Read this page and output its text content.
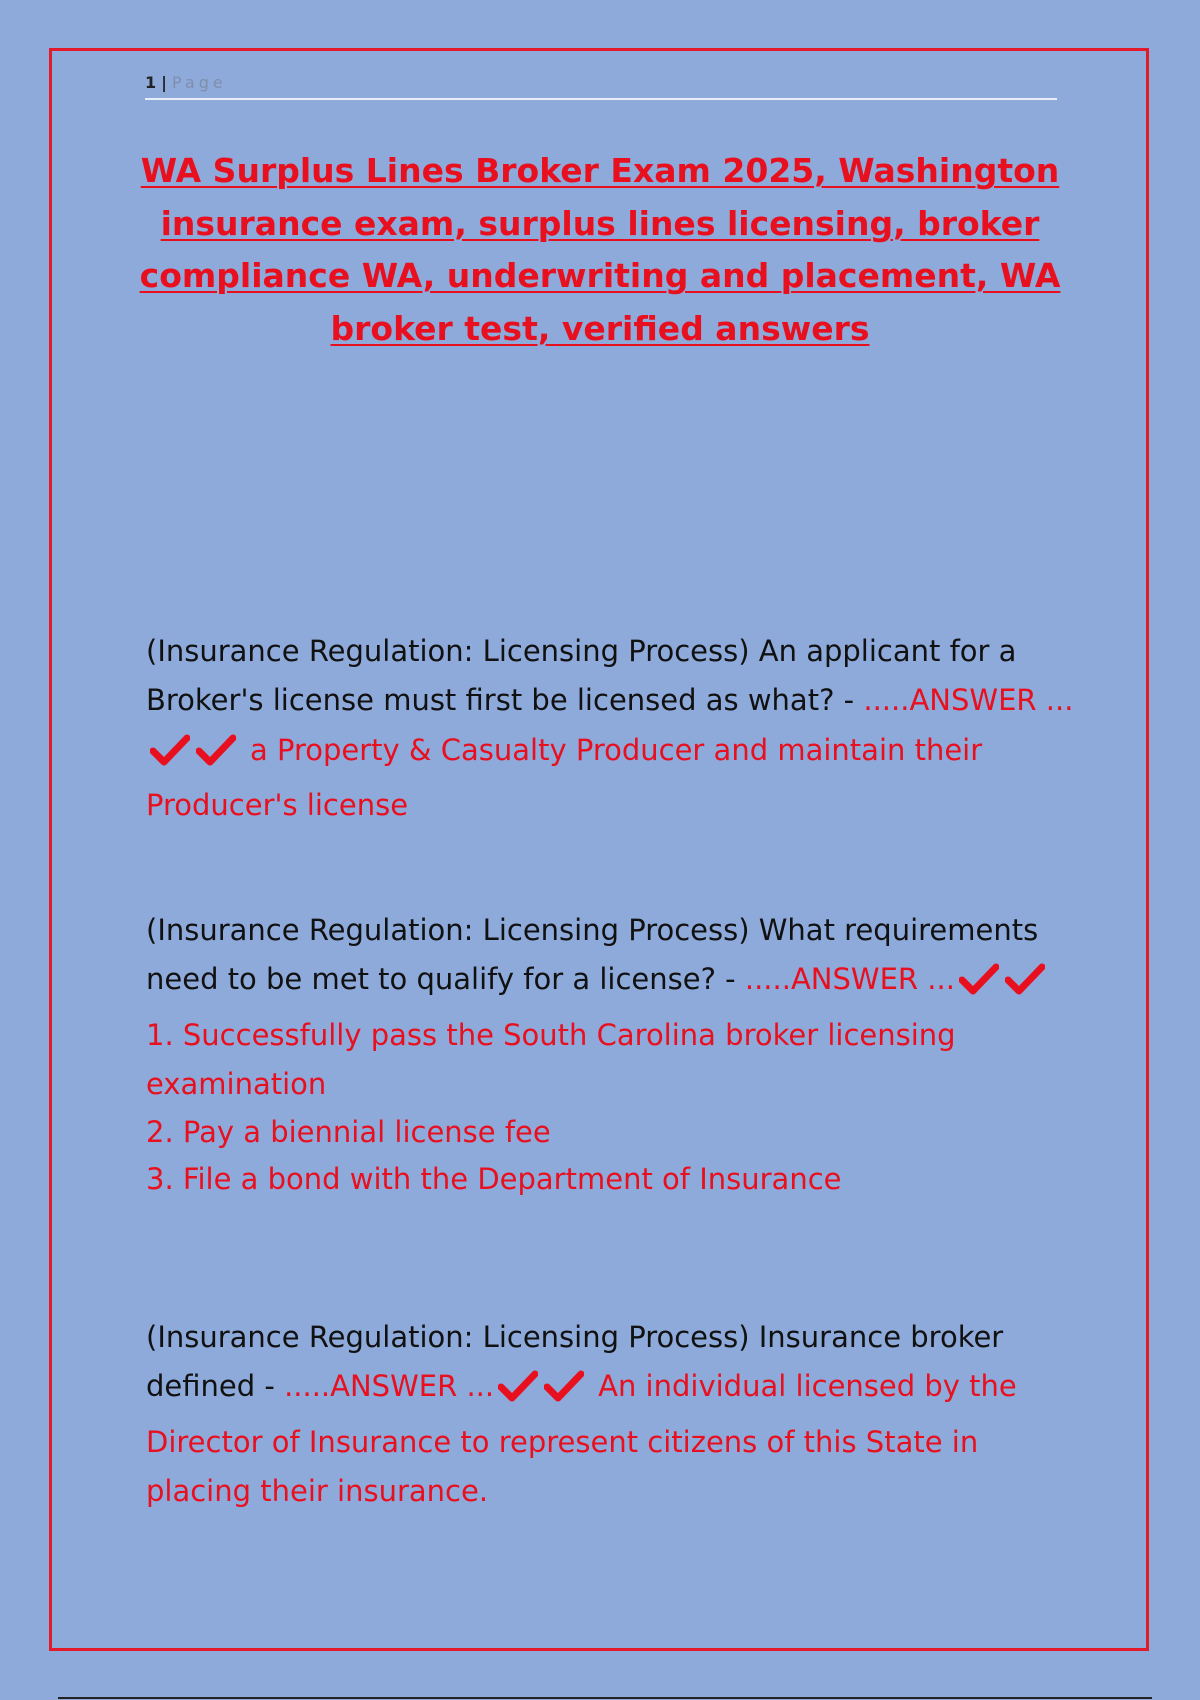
1 | Page
WA Surplus Lines Broker Exam 2025, Washington insurance exam, surplus lines licensing, broker compliance WA, underwriting and placement, WA broker test, verified answers

(Insurance Regulation: Licensing Process) An applicant for a Broker's license must first be licensed as what? - .....ANSWER ...a Property & Casualty Producer and maintain their Producer's license

(Insurance Regulation: Licensing Process) What requirements need to be met to qualify for a license? - .....ANSWER ...1. Successfully pass the South Carolina broker licensing examination

2. Pay a biennial license fee

3. File a bond with the Department of Insurance

(Insurance Regulation: Licensing Process) Insurance broker defined - .....ANSWER ...	An individual licensed by the Director of Insurance to represent citizens of this State in placing their insurance.
